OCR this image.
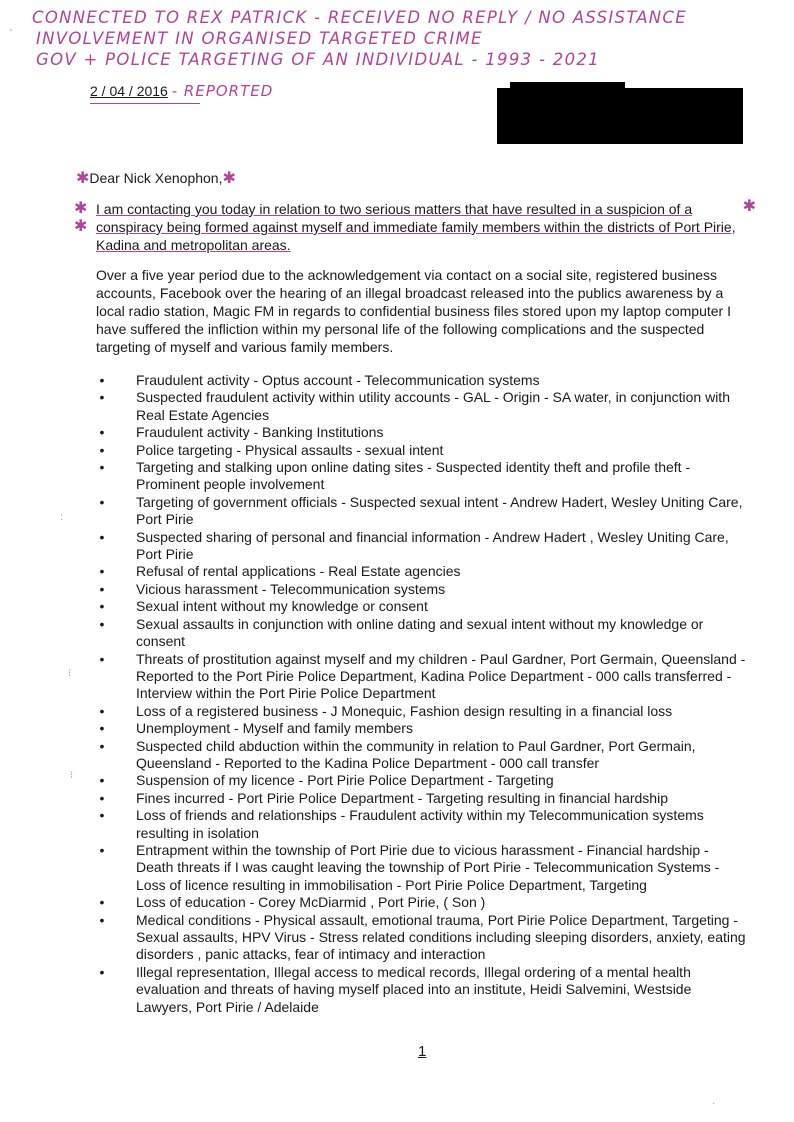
CONNECTED TO REX PATRICK - RECEIVED NO REPLY / NO ASSISTANCE
INVOLVEMENT IN ORGANISED TARGETED CRIME
GOV + POLICE TARGETING OF AN INDIVIDUAL - 1993 - 2021
2 / 04 / 2016 - REPORTED
✱Dear Nick Xenophon,✱
✱
✱
✱

I am contacting you today in relation to two serious matters that have resulted in a suspicion of a conspiracy being formed against myself and immediate family members within the districts of Port Pirie, Kadina and metropolitan areas.

Over a five year period due to the acknowledgement via contact on a social site, registered business accounts, Facebook over the hearing of an illegal broadcast released into the publics awareness by a local radio station, Magic FM in regards to confidential business files stored upon my laptop computer I have suffered the infliction within my personal life of the following complications and the suspected targeting of myself and various family members.

• Fraudulent activity - Optus account - Telecommunication systems
• Suspected fraudulent activity within utility accounts - GAL - Origin - SA water, in conjunction with Real Estate Agencies
• Fraudulent activity - Banking Institutions
• Police targeting - Physical assaults - sexual intent
• Targeting and stalking upon online dating sites - Suspected identity theft and profile theft - Prominent people involvement
• Targeting of government officials - Suspected sexual intent - Andrew Hadert, Wesley Uniting Care, Port Pirie
• Suspected sharing of personal and financial information - Andrew Hadert , Wesley Uniting Care, Port Pirie
• Refusal of rental applications - Real Estate agencies
• Vicious harassment - Telecommunication systems
• Sexual intent without my knowledge or consent
• Sexual assaults in conjunction with online dating and sexual intent without my knowledge or consent
• Threats of prostitution against myself and my children - Paul Gardner, Port Germain, Queensland - Reported to the Port Pirie Police Department, Kadina Police Department - 000 calls transferred - Interview within the Port Pirie Police Department
• Loss of a registered business - J Monequic, Fashion design resulting in a financial loss
• Unemployment - Myself and family members
• Suspected child abduction within the community in relation to Paul Gardner, Port Germain, Queensland - Reported to the Kadina Police Department - 000 call transfer
• Suspension of my licence - Port Pirie Police Department - Targeting
• Fines incurred - Port Pirie Police Department - Targeting resulting in financial hardship
• Loss of friends and relationships - Fraudulent activity within my Telecommunication systems resulting in isolation
• Entrapment within the township of Port Pirie due to vicious harassment - Financial hardship - Death threats if I was caught leaving the township of Port Pirie - Telecommunication Systems - Loss of licence resulting in immobilisation - Port Pirie Police Department, Targeting
• Loss of education - Corey McDiarmid , Port Pirie, ( Son )
• Medical conditions - Physical assault, emotional trauma, Port Pirie Police Department, Targeting - Sexual assaults, HPV Virus - Stress related conditions including sleeping disorders, anxiety, eating disorders , panic attacks, fear of intimacy and interaction
• Illegal representation, Illegal access to medical records, Illegal ordering of a mental health evaluation and threats of having myself placed into an institute, Heidi Salvemini, Westside Lawyers, Port Pirie / Adelaide
1
'
:
⁝
⁝
·
